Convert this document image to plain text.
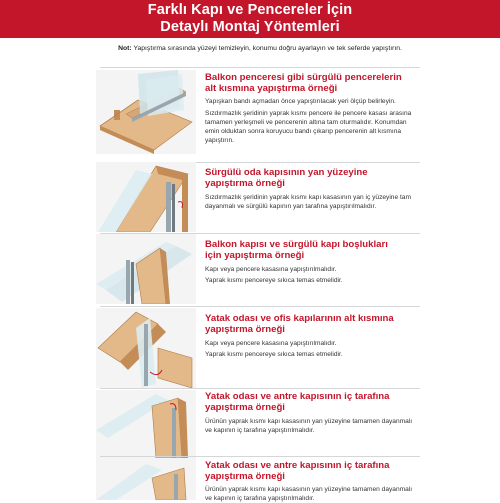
Farklı Kapı ve Pencereler İçin
Detaylı Montaj Yöntemleri
Not: Yapıştırma sırasında yüzeyi temizleyin, konumu doğru ayarlayın ve tek seferde yapıştırın.
Balkon penceresi gibi sürgülü pencerelerin
alt kısmına yapıştırma örneği

Yapışkan bandı açmadan önce yapıştırılacak yeri ölçüp belirleyin.

Sızdırmazlık şeridinin yaprak kısmı pencere ile pencere kasası arasına tamamen yerleşmeli ve pencerenin altına tam oturmalıdır. Konumdan emin olduktan sonra koruyucu bandı çıkarıp pencerenin alt kısmına yapıştırın.

Sürgülü oda kapısının yan yüzeyine
yapıştırma örneği

Sızdırmazlık şeridinin yaprak kısmı kapı kasasının yan iç yüzeyine tam dayanmalı ve sürgülü kapının yan tarafına yapıştırılmalıdır.

Balkon kapısı ve sürgülü kapı boşlukları
için yapıştırma örneği

Kapı veya pencere kasasına yapıştırılmalıdır.

Yaprak kısmı pencereye sıkıca temas etmelidir.

Yatak odası ve ofis kapılarının alt kısmına
yapıştırma örneği

Kapı veya pencere kasasına yapıştırılmalıdır.

Yaprak kısmı pencereye sıkıca temas etmelidir.

Yatak odası ve antre kapısının iç tarafına
yapıştırma örneği

Ürünün yaprak kısmı kapı kasasının yan yüzeyine tamamen dayanmalı ve kapının iç tarafına yapıştırılmalıdır.

Yatak odası ve antre kapısının iç tarafına
yapıştırma örneği

Ürünün yaprak kısmı kapı kasasının yan yüzeyine tamamen dayanmalı ve kapının iç tarafına yapıştırılmalıdır.
